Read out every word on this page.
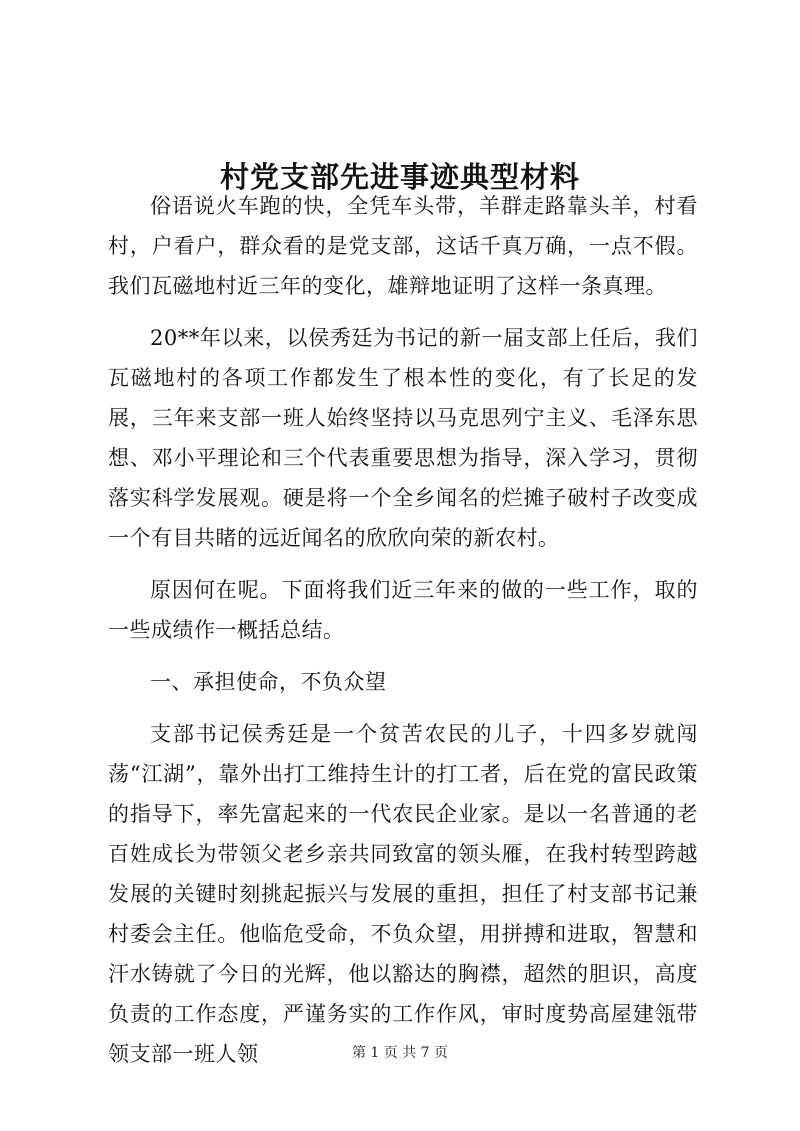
村党支部先进事迹典型材料

俗语说火车跑的快，全凭车头带，羊群走路靠头羊，村看村，户看户，群众看的是党支部，这话千真万确，一点不假。我们瓦磁地村近三年的变化，雄辩地证明了这样一条真理。

20**年以来，以侯秀廷为书记的新一届支部上任后，我们瓦磁地村的各项工作都发生了根本性的变化，有了长足的发展，三年来支部一班人始终坚持以马克思列宁主义、毛泽东思想、邓小平理论和三个代表重要思想为指导，深入学习，贯彻落实科学发展观。硬是将一个全乡闻名的烂摊子破村子改变成一个有目共睹的远近闻名的欣欣向荣的新农村。

原因何在呢。下面将我们近三年来的做的一些工作，取的一些成绩作一概括总结。

一、承担使命，不负众望

支部书记侯秀廷是一个贫苦农民的儿子，十四多岁就闯荡“江湖”，靠外出打工维持生计的打工者，后在党的富民政策的指导下，率先富起来的一代农民企业家。是以一名普通的老百姓成长为带领父老乡亲共同致富的领头雁，在我村转型跨越发展的关键时刻挑起振兴与发展的重担，担任了村支部书记兼村委会主任。他临危受命，不负众望，用拼搏和进取，智慧和汗水铸就了今日的光辉，他以豁达的胸襟，超然的胆识，高度负责的工作态度，严谨务实的工作作风，审时度势高屋建瓴带领支部一班人领	第 1 页 共 7 页
